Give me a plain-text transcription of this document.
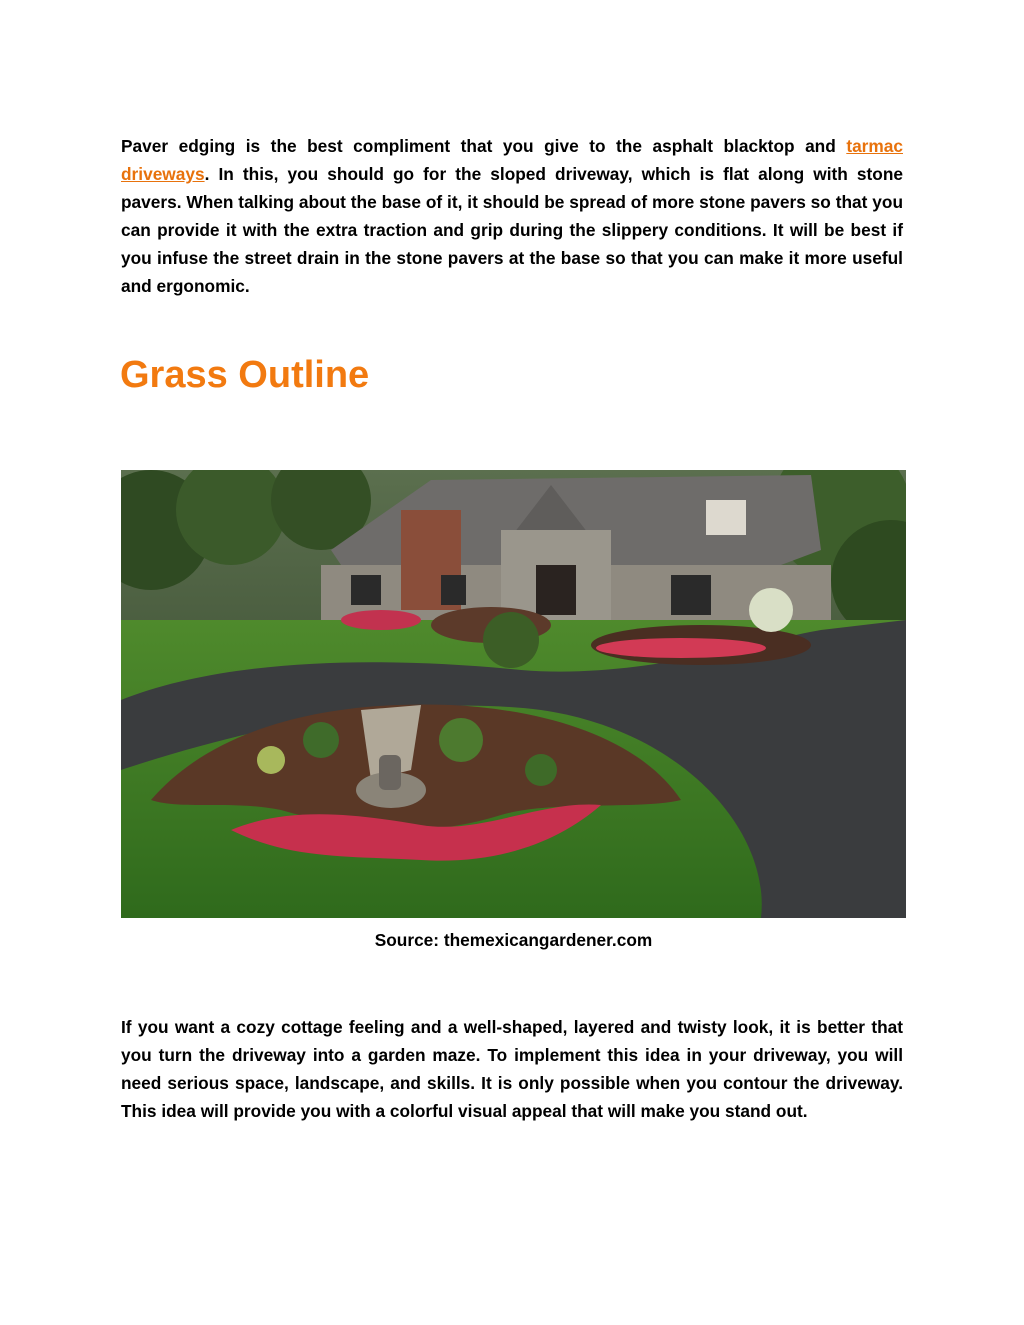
Paver edging is the best compliment that you give to the asphalt blacktop and tarmac driveways. In this, you should go for the sloped driveway, which is flat along with stone pavers. When talking about the base of it, it should be spread of more stone pavers so that you can provide it with the extra traction and grip during the slippery conditions. It will be best if you infuse the street drain in the stone pavers at the base so that you can make it more useful and ergonomic.

Grass Outline

Source: themexicangardener.com

If you want a cozy cottage feeling and a well-shaped, layered and twisty look, it is better that you turn the driveway into a garden maze. To implement this idea in your driveway, you will need serious space, landscape, and skills. It is only possible when you contour the driveway. This idea will provide you with a colorful visual appeal that will make you stand out.
